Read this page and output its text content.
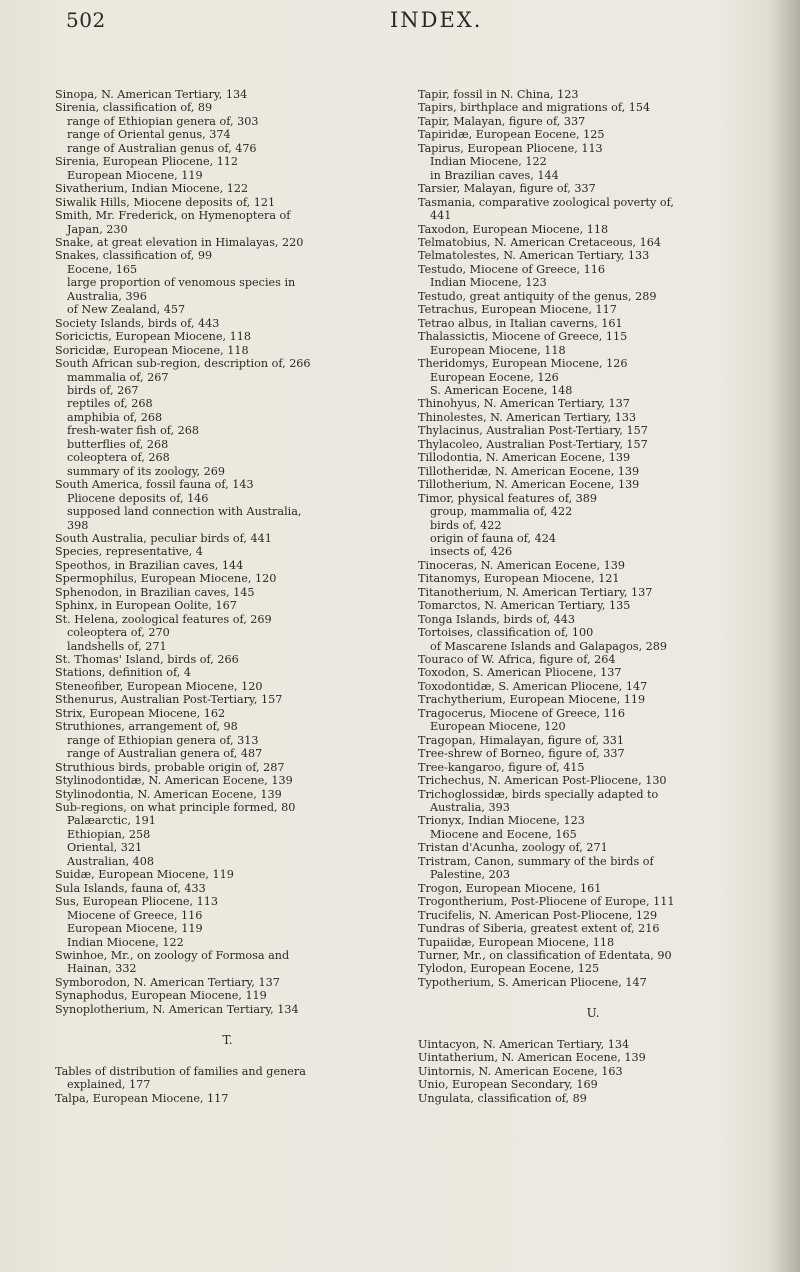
502	INDEX.
Sinopa, N. American Tertiary, 134
Sirenia, classification of, 89
range of Ethiopian genera of, 303
range of Oriental genus, 374
range of Australian genus of, 476
Sirenia, European Pliocene, 112
European Miocene, 119
Sivatherium, Indian Miocene, 122
Siwalik Hills, Miocene deposits of, 121
Smith, Mr. Frederick, on Hymenoptera of
Japan, 230
Snake, at great elevation in Himalayas, 220
Snakes, classification of, 99
Eocene, 165
large proportion of venomous species in
Australia, 396
of New Zealand, 457
Society Islands, birds of, 443
Soricictis, European Miocene, 118
Soricidæ, European Miocene, 118
South African sub-region, description of, 266
mammalia of, 267
birds of, 267
reptiles of, 268
amphibia of, 268
fresh-water fish of, 268
butterflies of, 268
coleoptera of, 268
summary of its zoology, 269
South America, fossil fauna of, 143
Pliocene deposits of, 146
supposed land connection with Australia,
398
South Australia, peculiar birds of, 441
Species, representative, 4
Speothos, in Brazilian caves, 144
Spermophilus, European Miocene, 120
Sphenodon, in Brazilian caves, 145
Sphinx, in European Oolite, 167
St. Helena, zoological features of, 269
coleoptera of, 270
landshells of, 271
St. Thomas' Island, birds of, 266
Stations, definition of, 4
Steneofiber, European Miocene, 120
Sthenurus, Australian Post-Tertiary, 157
Strix, European Miocene, 162
Struthiones, arrangement of, 98
range of Ethiopian genera of, 313
range of Australian genera of, 487
Struthious birds, probable origin of, 287
Stylinodontidæ, N. American Eocene, 139
Stylinodontia, N. American Eocene, 139
Sub-regions, on what principle formed, 80
Palæarctic, 191
Ethiopian, 258
Oriental, 321
Australian, 408
Suidæ, European Miocene, 119
Sula Islands, fauna of, 433
Sus, European Pliocene, 113
Miocene of Greece, 116
European Miocene, 119
Indian Miocene, 122
Swinhoe, Mr., on zoology of Formosa and
Hainan, 332
Symborodon, N. American Tertiary, 137
Synaphodus, European Miocene, 119
Synoplotherium, N. American Tertiary, 134
T.
Tables of distribution of families and genera
explained, 177
Talpa, European Miocene, 117
Tapir, fossil in N. China, 123
Tapirs, birthplace and migrations of, 154
Tapir, Malayan, figure of, 337
Tapiridæ, European Eocene, 125
Tapirus, European Pliocene, 113
Indian Miocene, 122
in Brazilian caves, 144
Tarsier, Malayan, figure of, 337
Tasmania, comparative zoological poverty of,
441
Taxodon, European Miocene, 118
Telmatobius, N. American Cretaceous, 164
Telmatolestes, N. American Tertiary, 133
Testudo, Miocene of Greece, 116
Indian Miocene, 123
Testudo, great antiquity of the genus, 289
Tetrachus, European Miocene, 117
Tetrao albus, in Italian caverns, 161
Thalassictis, Miocene of Greece, 115
European Miocene, 118
Theridomys, European Miocene, 126
European Eocene, 126
S. American Eocene, 148
Thinohyus, N. American Tertiary, 137
Thinolestes, N. American Tertiary, 133
Thylacinus, Australian Post-Tertiary, 157
Thylacoleo, Australian Post-Tertiary, 157
Tillodontia, N. American Eocene, 139
Tillotheridæ, N. American Eocene, 139
Tillotherium, N. American Eocene, 139
Timor, physical features of, 389
group, mammalia of, 422
birds of, 422
origin of fauna of, 424
insects of, 426
Tinoceras, N. American Eocene, 139
Titanomys, European Miocene, 121
Titanotherium, N. American Tertiary, 137
Tomarctos, N. American Tertiary, 135
Tonga Islands, birds of, 443
Tortoises, classification of, 100
of Mascarene Islands and Galapagos, 289
Touraco of W. Africa, figure of, 264
Toxodon, S. American Pliocene, 137
Toxodontidæ, S. American Pliocene, 147
Trachytherium, European Miocene, 119
Tragocerus, Miocene of Greece, 116
European Miocene, 120
Tragopan, Himalayan, figure of, 331
Tree-shrew of Borneo, figure of, 337
Tree-kangaroo, figure of, 415
Trichechus, N. American Post-Pliocene, 130
Trichoglossidæ, birds specially adapted to
Australia, 393
Trionyx, Indian Miocene, 123
Miocene and Eocene, 165
Tristan d'Acunha, zoology of, 271
Tristram, Canon, summary of the birds of
Palestine, 203
Trogon, European Miocene, 161
Trogontherium, Post-Pliocene of Europe, 111
Trucifelis, N. American Post-Pliocene, 129
Tundras of Siberia, greatest extent of, 216
Tupaiidæ, European Miocene, 118
Turner, Mr., on classification of Edentata, 90
Tylodon, European Eocene, 125
Typotherium, S. American Pliocene, 147
U.
Uintacyon, N. American Tertiary, 134
Uintatherium, N. American Eocene, 139
Uintornis, N. American Eocene, 163
Unio, European Secondary, 169
Ungulata, classification of, 89
